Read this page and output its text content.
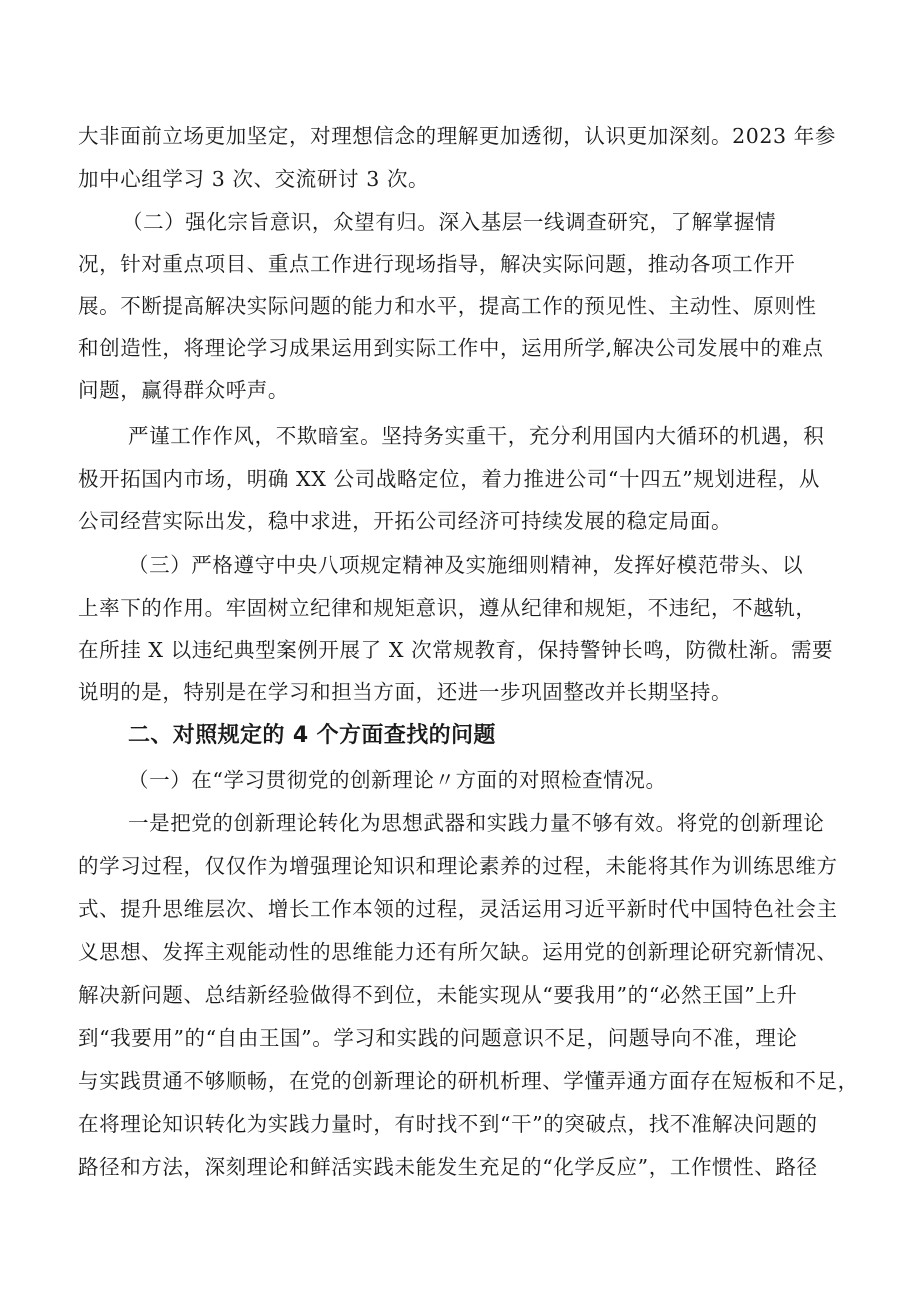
大非面前立场更加坚定，对理想信念的理解更加透彻，认识更加深刻。2023 年参
加中心组学习 3 次、交流研讨 3 次。
（二）强化宗旨意识，众望有归。深入基层一线调查研究，了解掌握情
况，针对重点项目、重点工作进行现场指导，解决实际问题，推动各项工作开
展。不断提高解决实际问题的能力和水平，提高工作的预见性、主动性、原则性
和创造性，将理论学习成果运用到实际工作中，运用所学,解决公司发展中的难点
问题，赢得群众呼声。
严谨工作作风，不欺暗室。坚持务实重干，充分利用国内大循环的机遇，积
极开拓国内市场，明确 XX 公司战略定位，着力推进公司“十四五”规划进程，从
公司经营实际出发，稳中求进，开拓公司经济可持续发展的稳定局面。
（三）严格遵守中央八项规定精神及实施细则精神，发挥好模范带头、以
上率下的作用。牢固树立纪律和规矩意识，遵从纪律和规矩，不违纪，不越轨，
在所挂 X 以违纪典型案例开展了 X 次常规教育，保持警钟长鸣，防微杜渐。需要
说明的是，特别是在学习和担当方面，还进一步巩固整改并长期坚持。
二、对照规定的 4 个方面查找的问题
（一）在“学习贯彻党的创新理论〃方面的对照检查情况。
一是把党的创新理论转化为思想武器和实践力量不够有效。将党的创新理论
的学习过程，仅仅作为增强理论知识和理论素养的过程，未能将其作为训练思维方
式、提升思维层次、增长工作本领的过程，灵活运用习近平新时代中国特色社会主
义思想、发挥主观能动性的思维能力还有所欠缺。运用党的创新理论研究新情况、
解决新问题、总结新经验做得不到位，未能实现从“要我用”的“必然王国”上升
到“我要用”的“自由王国”。学习和实践的问题意识不足，问题导向不准，理论
与实践贯通不够顺畅，在党的创新理论的研机析理、学懂弄通方面存在短板和不足，
在将理论知识转化为实践力量时，有时找不到“干”的突破点，找不准解决问题的
路径和方法，深刻理论和鲜活实践未能发生充足的“化学反应”，工作惯性、路径
